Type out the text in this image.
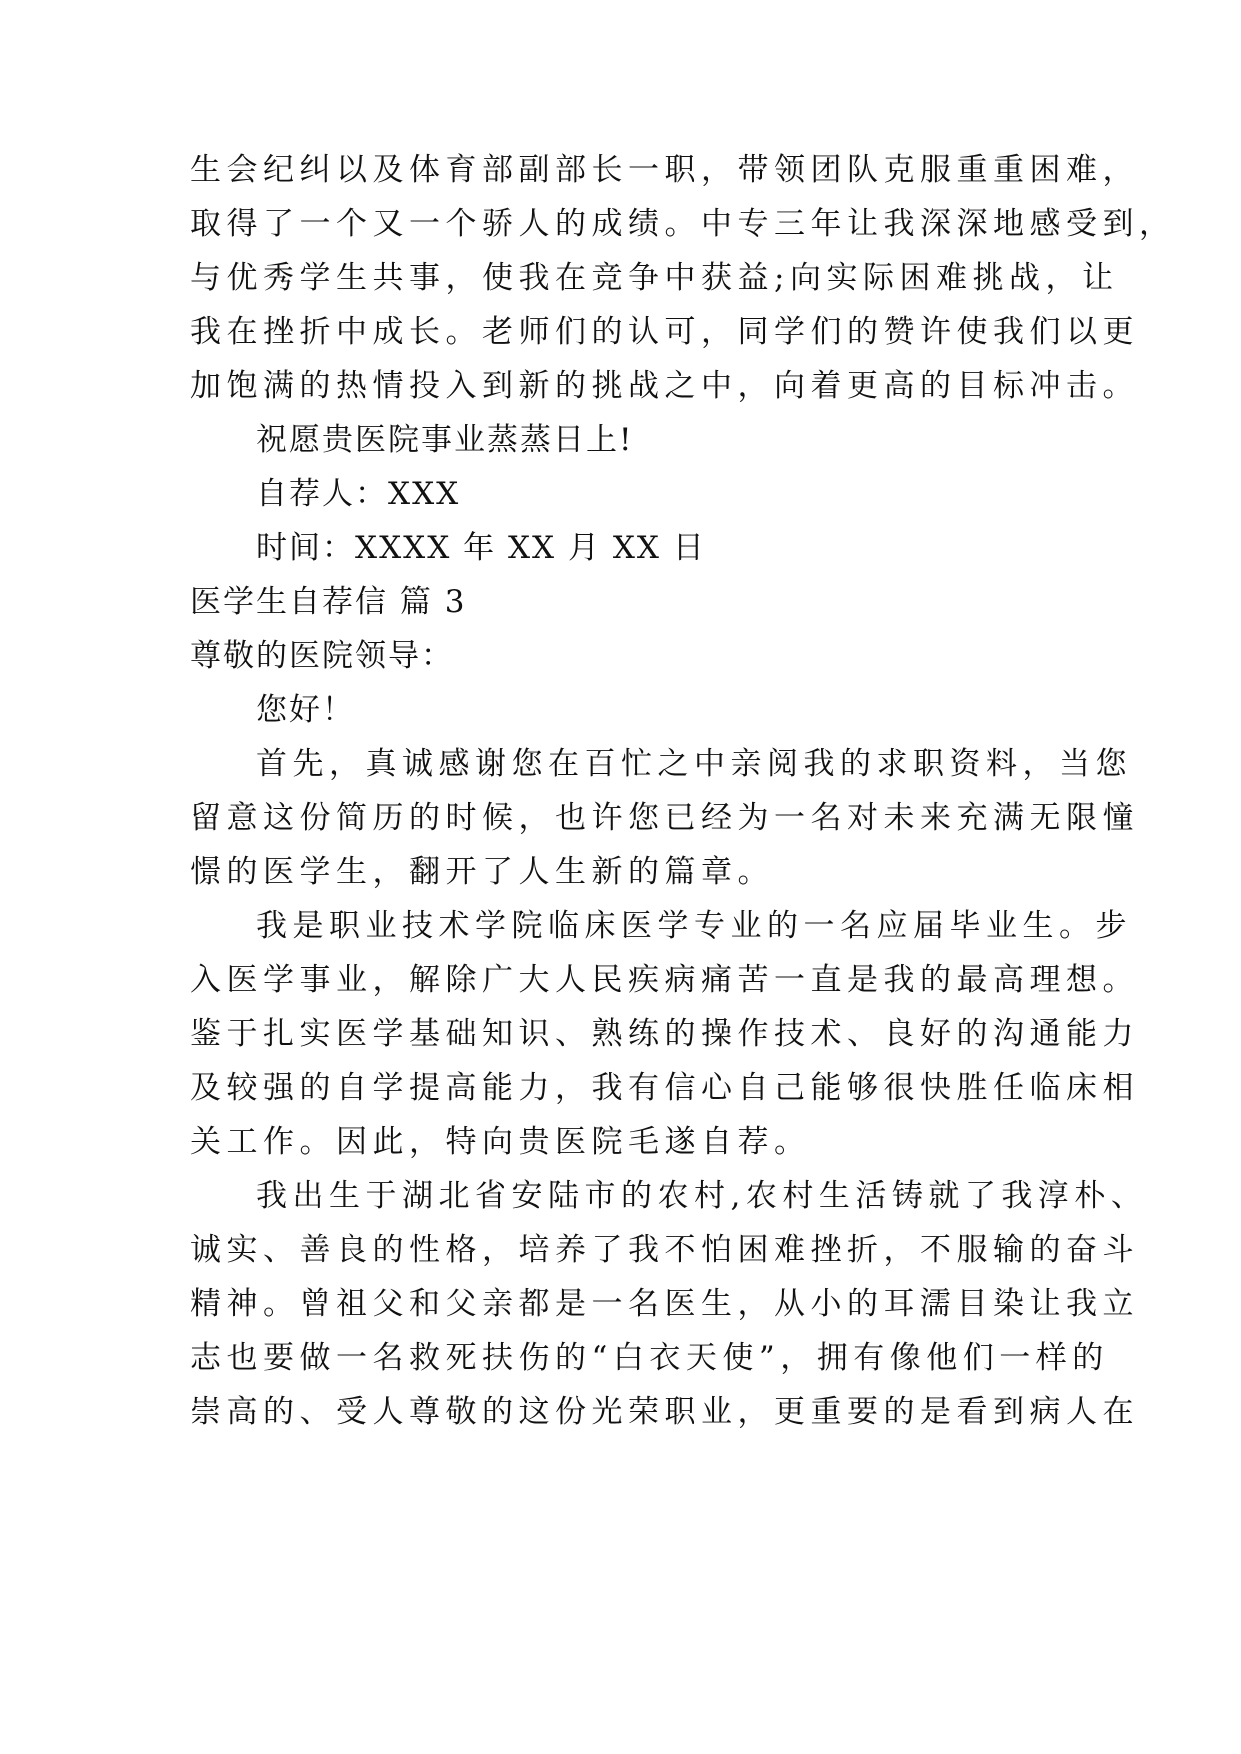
生会纪纠以及体育部副部长一职，带领团队克服重重困难，
取得了一个又一个骄人的成绩。中专三年让我深深地感受到，
与优秀学生共事，使我在竞争中获益;向实际困难挑战，让
我在挫折中成长。老师们的认可，同学们的赞许使我们以更
加饱满的热情投入到新的挑战之中，向着更高的目标冲击。
祝愿贵医院事业蒸蒸日上!
自荐人：XXX
时间：XXXX 年 XX 月 XX 日
医学生自荐信 篇 3
尊敬的医院领导：
您好！
首先，真诚感谢您在百忙之中亲阅我的求职资料，当您
留意这份简历的时候，也许您已经为一名对未来充满无限憧
憬的医学生，翻开了人生新的篇章。
我是职业技术学院临床医学专业的一名应届毕业生。步
入医学事业，解除广大人民疾病痛苦一直是我的最高理想。
鉴于扎实医学基础知识、熟练的操作技术、良好的沟通能力
及较强的自学提高能力，我有信心自己能够很快胜任临床相
关工作。因此，特向贵医院毛遂自荐。
我出生于湖北省安陆市的农村,农村生活铸就了我淳朴、
诚实、善良的性格，培养了我不怕困难挫折，不服输的奋斗
精神。曾祖父和父亲都是一名医生，从小的耳濡目染让我立
志也要做一名救死扶伤的“白衣天使”，拥有像他们一样的
崇高的、受人尊敬的这份光荣职业，更重要的是看到病人在
